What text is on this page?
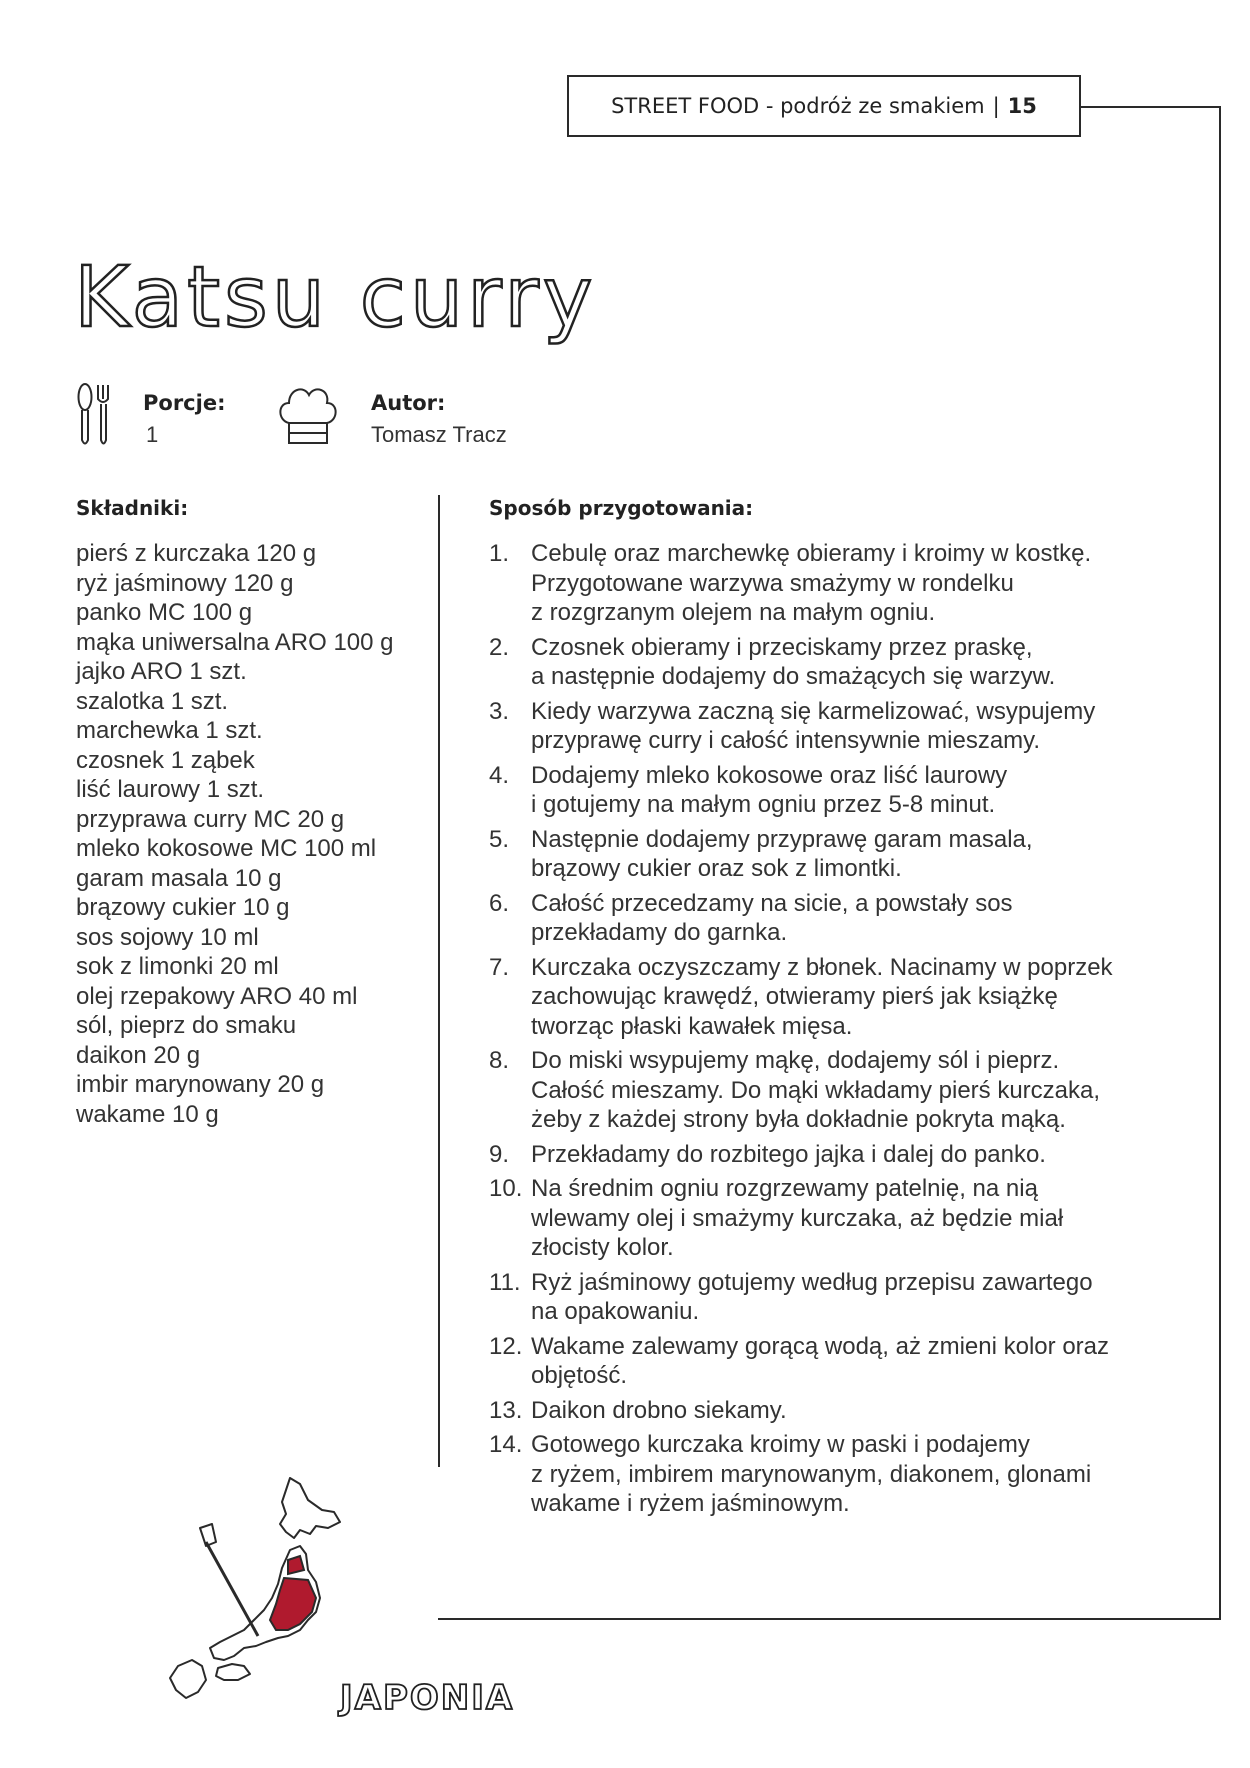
STREET FOOD - podróż ze smakiem | 15
Katsu curry
Porcje:
1
Autor:
Tomasz Tracz
Składniki:
pierś z kurczaka 120 g
ryż jaśminowy 120 g
panko MC 100 g
mąka uniwersalna ARO 100 g
jajko ARO 1 szt.
szalotka 1 szt.
marchewka 1 szt.
czosnek 1 ząbek
liść laurowy 1 szt.
przyprawa curry MC 20 g
mleko kokosowe MC 100 ml
garam masala 10 g
brązowy cukier 10 g
sos sojowy 10 ml
sok z limonki 20 ml
olej rzepakowy ARO 40 ml
sól, pieprz do smaku
daikon 20 g
imbir marynowany 20 g
wakame 10 g
Sposób przygotowania:
1. Cebulę oraz marchewkę obieramy i kroimy w kostkę.
Przygotowane warzywa smażymy w rondelku
z rozgrzanym olejem na małym ogniu.
2. Czosnek obieramy i przeciskamy przez praskę,
a następnie dodajemy do smażących się warzyw.
3. Kiedy warzywa zaczną się karmelizować, wsypujemy
przyprawę curry i całość intensywnie mieszamy.
4. Dodajemy mleko kokosowe oraz liść laurowy
i gotujemy na małym ogniu przez 5-8 minut.
5. Następnie dodajemy przyprawę garam masala,
brązowy cukier oraz sok z limontki.
6. Całość przecedzamy na sicie, a powstały sos
przekładamy do garnka.
7. Kurczaka oczyszczamy z błonek. Nacinamy w poprzek
zachowując krawędź, otwieramy pierś jak książkę
tworząc płaski kawałek mięsa.
8. Do miski wsypujemy mąkę, dodajemy sól i pieprz.
Całość mieszamy. Do mąki wkładamy pierś kurczaka,
żeby z każdej strony była dokładnie pokryta mąką.
9. Przekładamy do rozbitego jajka i dalej do panko.
10. Na średnim ogniu rozgrzewamy patelnię, na nią
wlewamy olej i smażymy kurczaka, aż będzie miał
złocisty kolor.
11. Ryż jaśminowy gotujemy według przepisu zawartego
na opakowaniu.
12. Wakame zalewamy gorącą wodą, aż zmieni kolor oraz
objętość.
13. Daikon drobno siekamy.
14. Gotowego kurczaka kroimy w paski i podajemy
z ryżem, imbirem marynowanym, diakonem, glonami
wakame i ryżem jaśminowym.
JAPONIA
